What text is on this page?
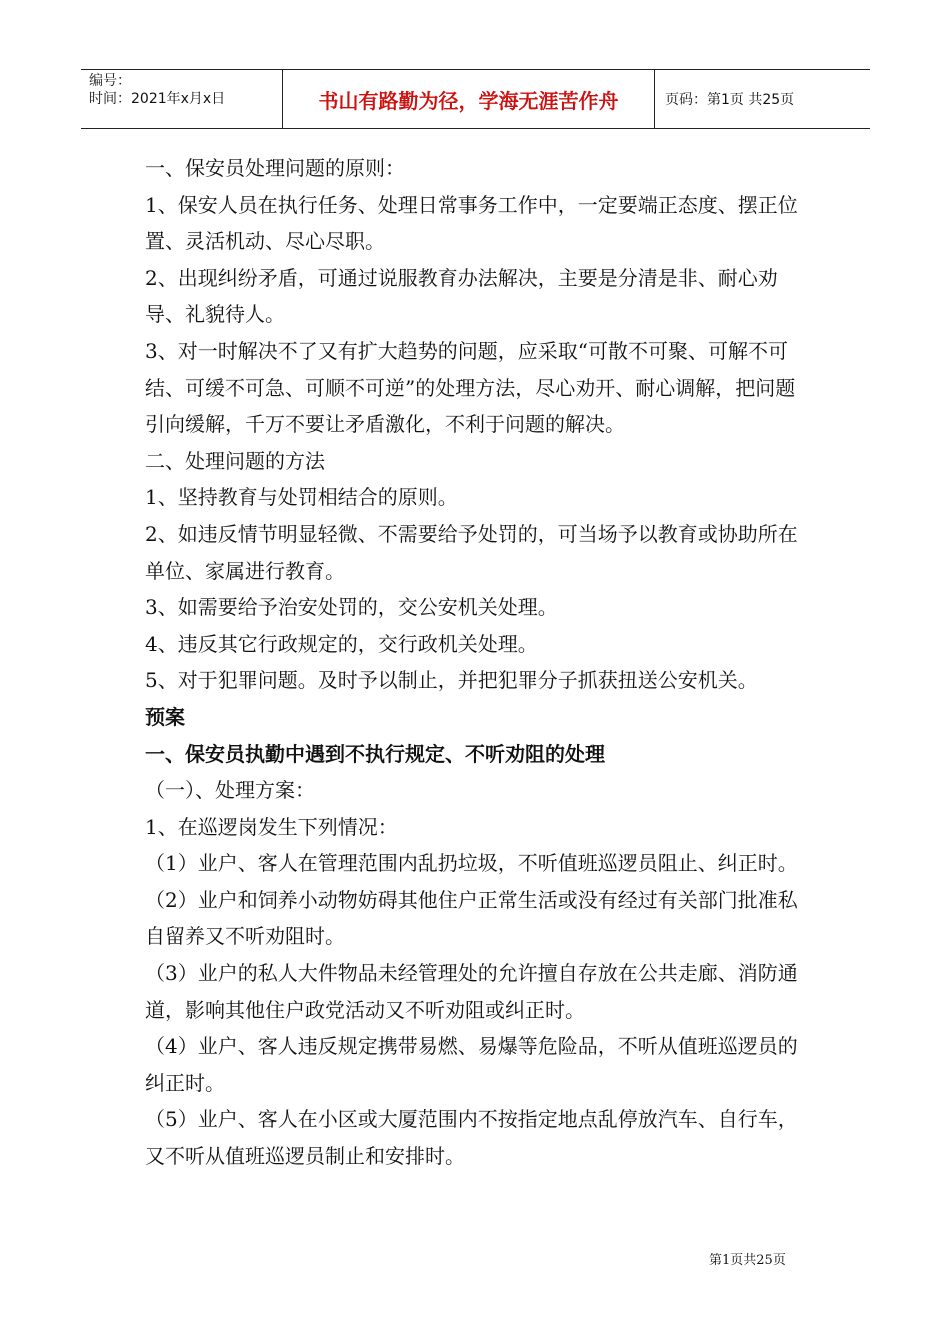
编号：
时间：2021年x月x日	书山有路勤为径，学海无涯苦作舟	页码：第1页 共25页

一、保安员处理问题的原则：

1、保安人员在执行任务、处理日常事务工作中，一定要端正态度、摆正位置、灵活机动、尽心尽职。

2、出现纠纷矛盾，可通过说服教育办法解决，主要是分清是非、耐心劝导、礼貌待人。

3、对一时解决不了又有扩大趋势的问题，应采取“可散不可聚、可解不可结、可缓不可急、可顺不可逆”的处理方法，尽心劝开、耐心调解，把问题引向缓解，千万不要让矛盾激化，不利于问题的解决。

二、处理问题的方法

1、坚持教育与处罚相结合的原则。

2、如违反情节明显轻微、不需要给予处罚的，可当场予以教育或协助所在单位、家属进行教育。

3、如需要给予治安处罚的，交公安机关处理。

4、违反其它行政规定的，交行政机关处理。

5、对于犯罪问题。及时予以制止，并把犯罪分子抓获扭送公安机关。

预案

一、保安员执勤中遇到不执行规定、不听劝阻的处理

（一）、处理方案：

1、在巡逻岗发生下列情况：

（1）业户、客人在管理范围内乱扔垃圾，不听值班巡逻员阻止、纠正时。

（2）业户和饲养小动物妨碍其他住户正常生活或没有经过有关部门批准私自留养又不听劝阻时。

（3）业户的私人大件物品未经管理处的允许擅自存放在公共走廊、消防通道，影响其他住户政党活动又不听劝阻或纠正时。

（4）业户、客人违反规定携带易燃、易爆等危险品，不听从值班巡逻员的纠正时。

（5）业户、客人在小区或大厦范围内不按指定地点乱停放汽车、自行车，又不听从值班巡逻员制止和安排时。

第1页共25页
